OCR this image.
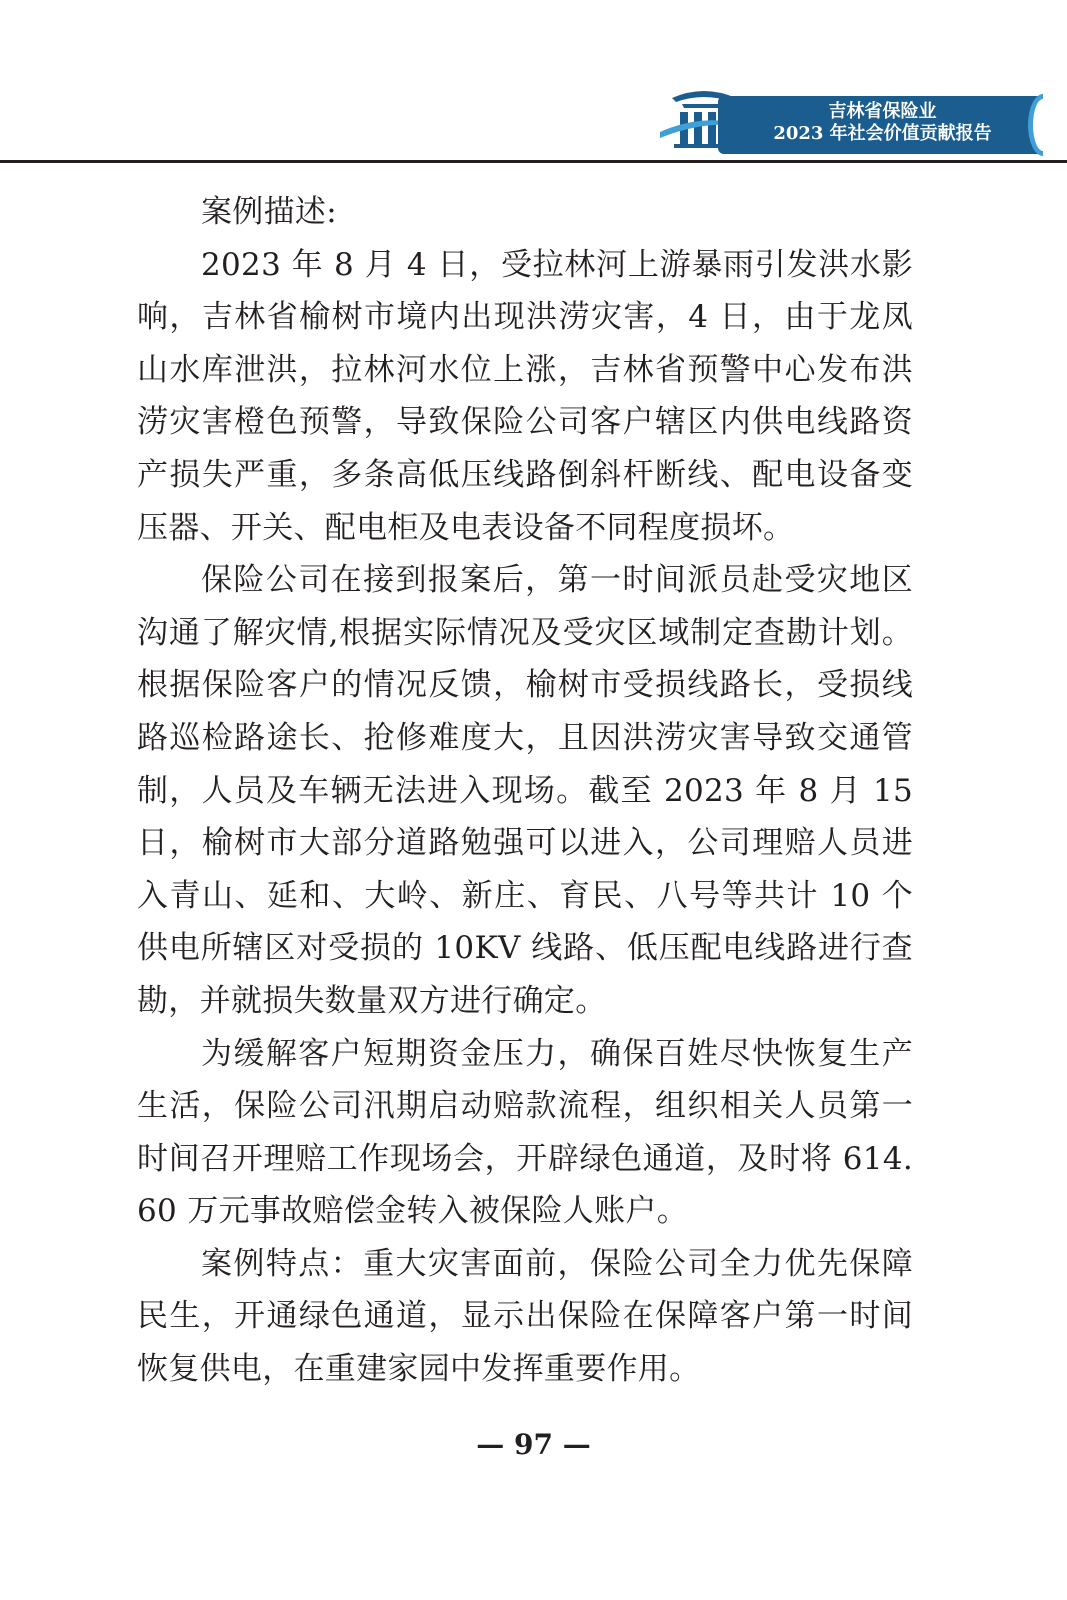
吉林省保险业
2023 年社会价值贡献报告

案例描述:

2023 年 8 月 4 日，受拉林河上游暴雨引发洪水影响，吉林省榆树市境内出现洪涝灾害，4 日，由于龙凤山水库泄洪，拉林河水位上涨，吉林省预警中心发布洪涝灾害橙色预警，导致保险公司客户辖区内供电线路资产损失严重，多条高低压线路倒斜杆断线、配电设备变压器、开关、配电柜及电表设备不同程度损坏。

保险公司在接到报案后，第一时间派员赴受灾地区沟通了解灾情,根据实际情况及受灾区域制定查勘计划。根据保险客户的情况反馈，榆树市受损线路长，受损线路巡检路途长、抢修难度大，且因洪涝灾害导致交通管制，人员及车辆无法进入现场。截至 2023 年 8 月 15 日，榆树市大部分道路勉强可以进入，公司理赔人员进入青山、延和、大岭、新庄、育民、八号等共计 10 个供电所辖区对受损的 10KV 线路、低压配电线路进行查勘，并就损失数量双方进行确定。

为缓解客户短期资金压力，确保百姓尽快恢复生产生活，保险公司汛期启动赔款流程，组织相关人员第一时间召开理赔工作现场会，开辟绿色通道，及时将 614.60 万元事故赔偿金转入被保险人账户。

案例特点：重大灾害面前，保险公司全力优先保障民生，开通绿色通道，显示出保险在保障客户第一时间恢复供电，在重建家园中发挥重要作用。

— 97 —
